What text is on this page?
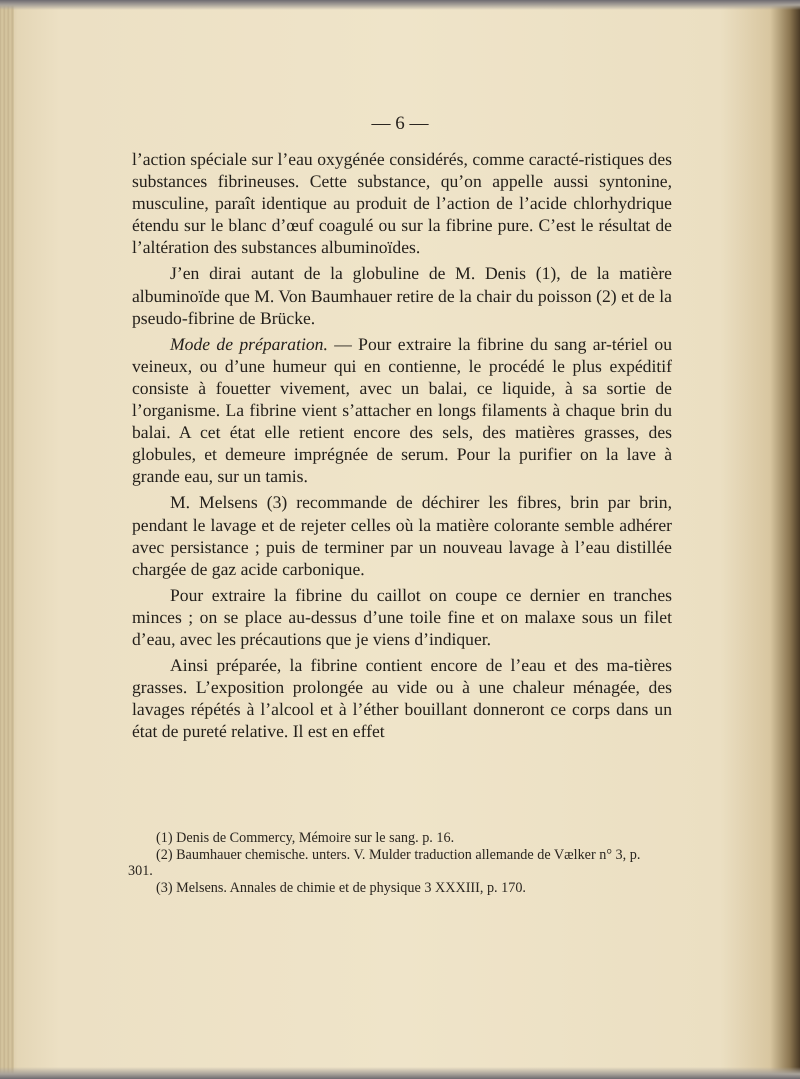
— 6 —

l’action spéciale sur l’eau oxygénée considérés, comme caracté-ristiques des substances fibrineuses. Cette substance, qu’on appelle aussi syntonine, musculine, paraît identique au produit de l’action de l’acide chlorhydrique étendu sur le blanc d’œuf coagulé ou sur la fibrine pure. C’est le résultat de l’altération des substances albuminoïdes.

J’en dirai autant de la globuline de M. Denis (1), de la matière albuminoïde que M. Von Baumhauer retire de la chair du poisson (2) et de la pseudo-fibrine de Brücke.

Mode de préparation. — Pour extraire la fibrine du sang ar-tériel ou veineux, ou d’une humeur qui en contienne, le procédé le plus expéditif consiste à fouetter vivement, avec un balai, ce liquide, à sa sortie de l’organisme. La fibrine vient s’attacher en longs filaments à chaque brin du balai. A cet état elle retient encore des sels, des matières grasses, des globules, et demeure imprégnée de serum. Pour la purifier on la lave à grande eau, sur un tamis.

M. Melsens (3) recommande de déchirer les fibres, brin par brin, pendant le lavage et de rejeter celles où la matière colorante semble adhérer avec persistance ; puis de terminer par un nouveau lavage à l’eau distillée chargée de gaz acide carbonique.

Pour extraire la fibrine du caillot on coupe ce dernier en tranches minces ; on se place au-dessus d’une toile fine et on malaxe sous un filet d’eau, avec les précautions que je viens d’indiquer.

Ainsi préparée, la fibrine contient encore de l’eau et des ma-tières grasses. L’exposition prolongée au vide ou à une chaleur ménagée, des lavages répétés à l’alcool et à l’éther bouillant donneront ce corps dans un état de pureté relative. Il est en effet

(1) Denis de Commercy, Mémoire sur le sang. p. 16.

(2) Baumhauer chemische. unters. V. Mulder traduction allemande de Vælker n° 3, p. 301.

(3) Melsens. Annales de chimie et de physique 3 XXXIII, p. 170.
